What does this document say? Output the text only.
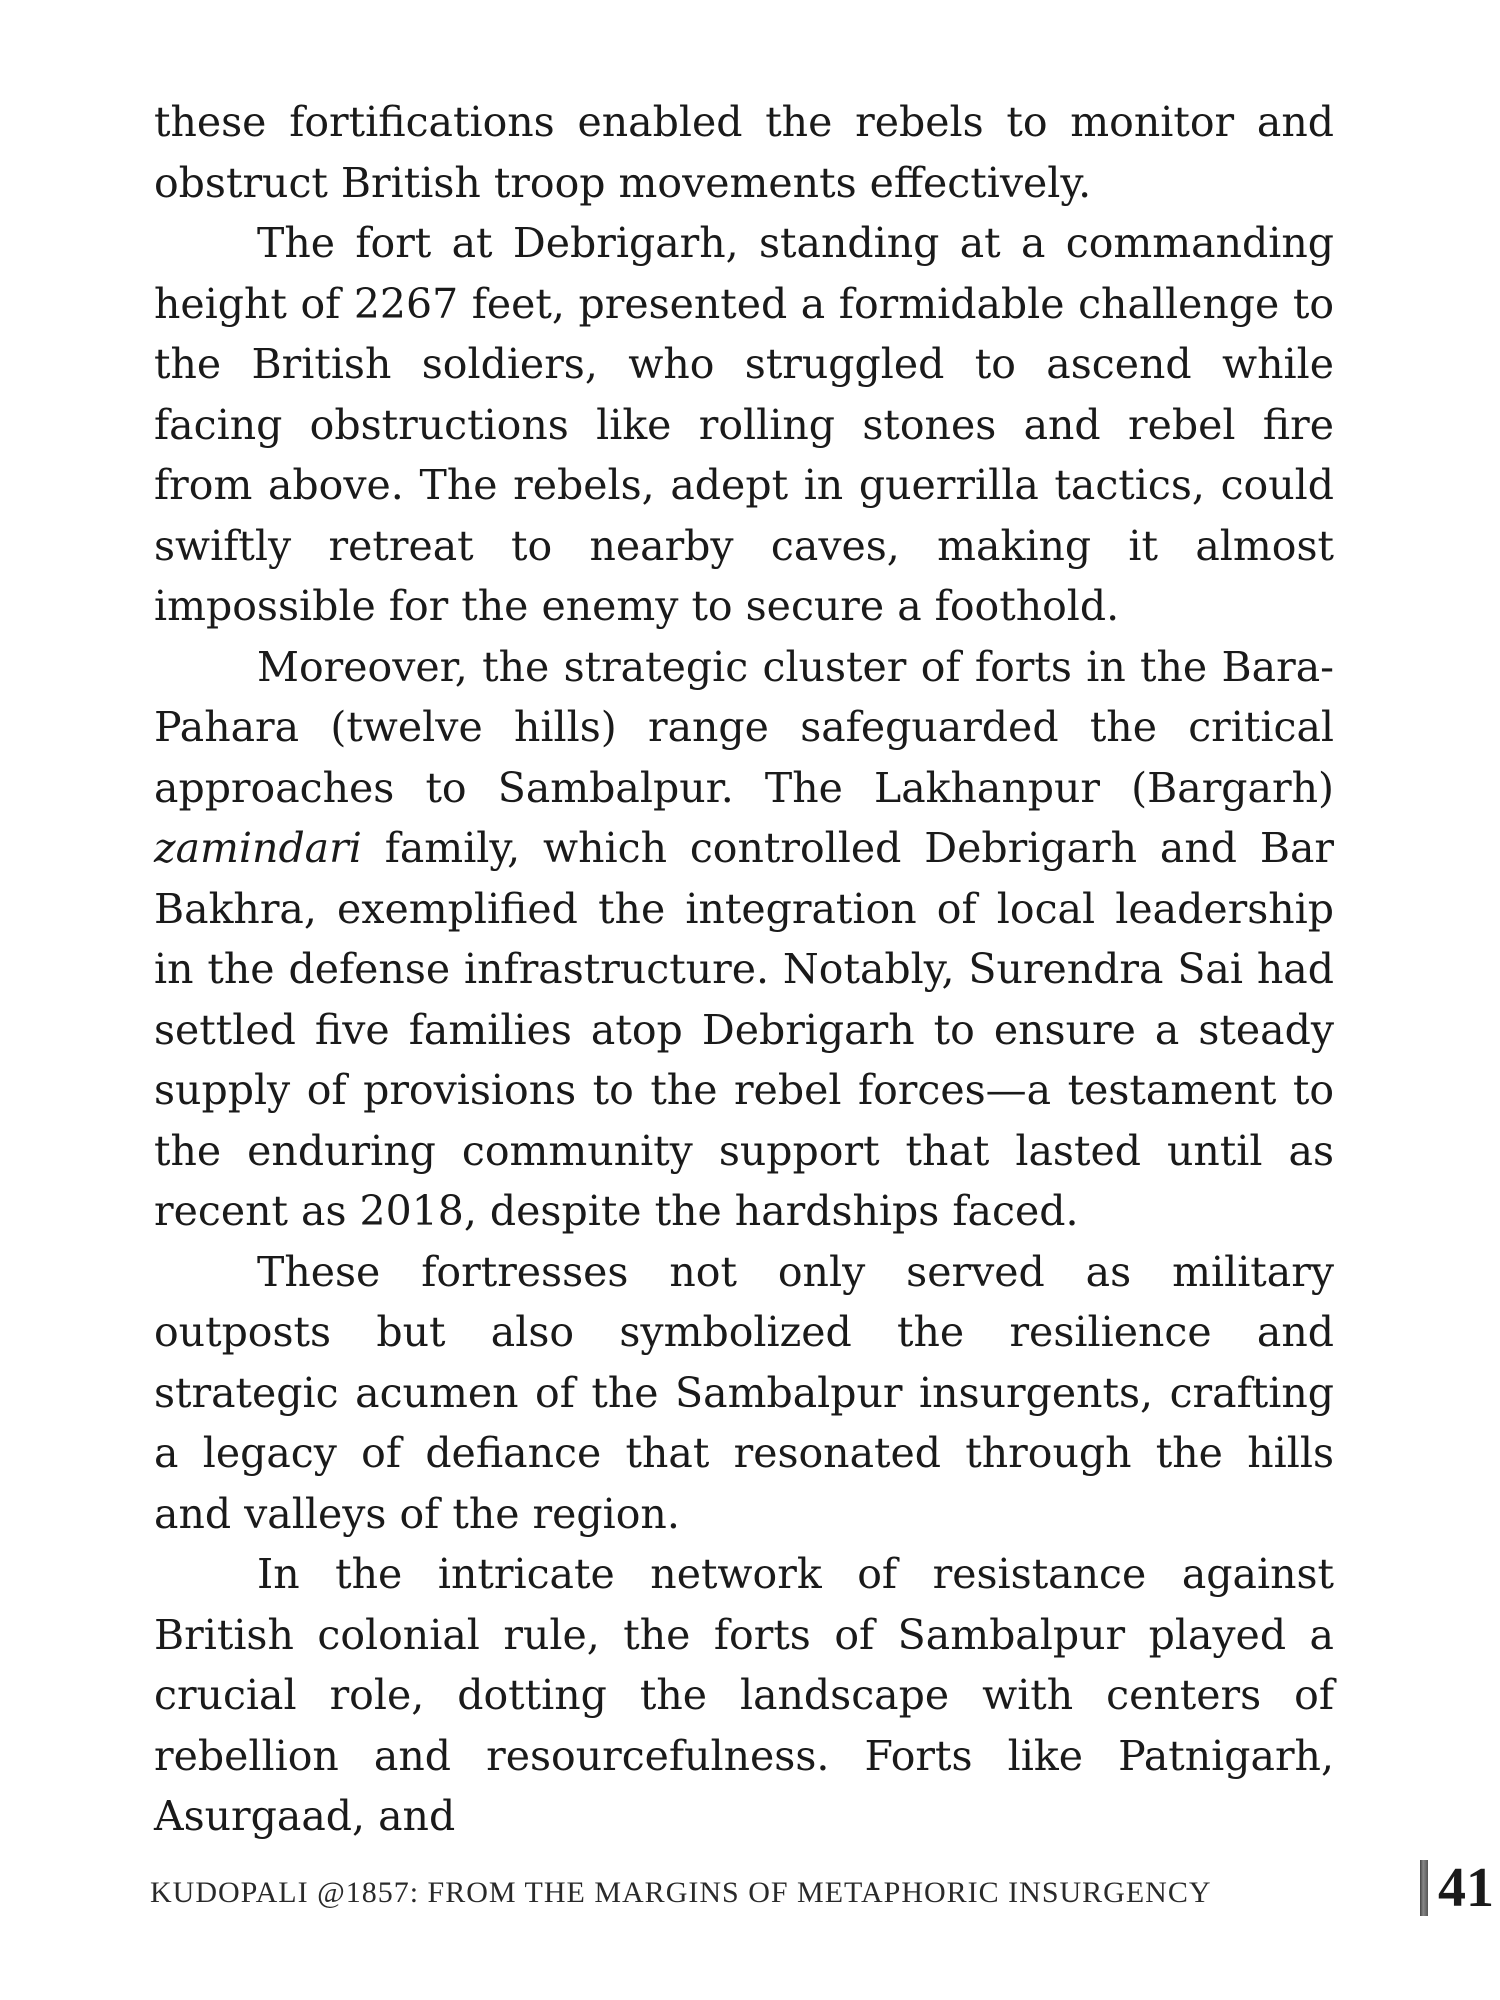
these fortifications enabled the rebels to monitor and obstruct British troop movements effectively.

The fort at Debrigarh, standing at a commanding height of 2267 feet, presented a formidable challenge to the British soldiers, who struggled to ascend while facing obstructions like rolling stones and rebel fire from above. The rebels, adept in guerrilla tactics, could swiftly retreat to nearby caves, making it almost impossible for the enemy to secure a foothold.

Moreover, the strategic cluster of forts in the Bara-Pahara (twelve hills) range safeguarded the critical approaches to Sambalpur. The Lakhanpur (Bargarh) zamindari family, which controlled Debrigarh and Bar Bakhra, exemplified the integration of local leadership in the defense infrastructure. Notably, Surendra Sai had settled five families atop Debrigarh to ensure a steady supply of provisions to the rebel forces—a testament to the enduring community support that lasted until as recent as 2018, despite the hardships faced.

These fortresses not only served as military outposts but also symbolized the resilience and strategic acumen of the Sambalpur insurgents, crafting a legacy of defiance that resonated through the hills and valleys of the region.

In the intricate network of resistance against British colonial rule, the forts of Sambalpur played a crucial role, dotting the landscape with centers of rebellion and resourcefulness. Forts like Patnigarh, Asurgaad, and

KUDOPALI @1857: FROM THE MARGINS OF METAPHORIC INSURGENCY	41
